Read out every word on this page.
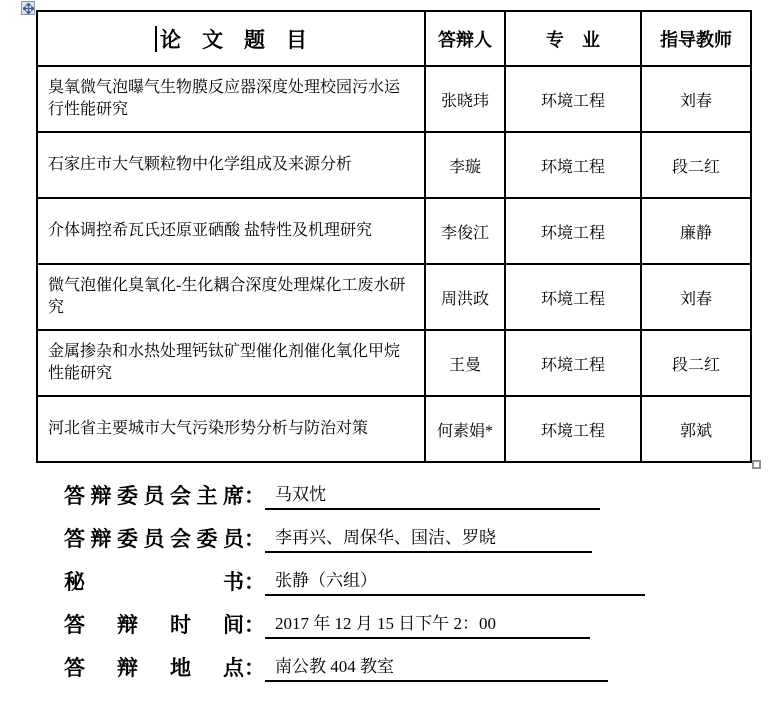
论　文　题　目	答辩人	专　业	指导教师
臭氧微气泡曝气生物膜反应器深度处理校园污水运行性能研究	张晓玮	环境工程	刘春
石家庄市大气颗粒物中化学组成及来源分析	李璇	环境工程	段二红
介体调控希瓦氏还原亚硒酸 盐特性及机理研究	李俊江	环境工程	廉静
微气泡催化臭氧化-生化耦合深度处理煤化工废水研究	周洪政	环境工程	刘春
金属掺杂和水热处理钙钛矿型催化剂催化氧化甲烷性能研究	王曼	环境工程	段二红
河北省主要城市大气污染形势分析与防治对策	何素娟*	环境工程	郭斌
答辩委员会主席 ： 马双忱
答辩委员会委员 ： 李再兴、周保华、国洁、罗晓
秘书 ： 张静（六组）
答辩时间 ： 2017 年 12 月 15 日下午 2：00
答辩地点 ： 南公教 404 教室
